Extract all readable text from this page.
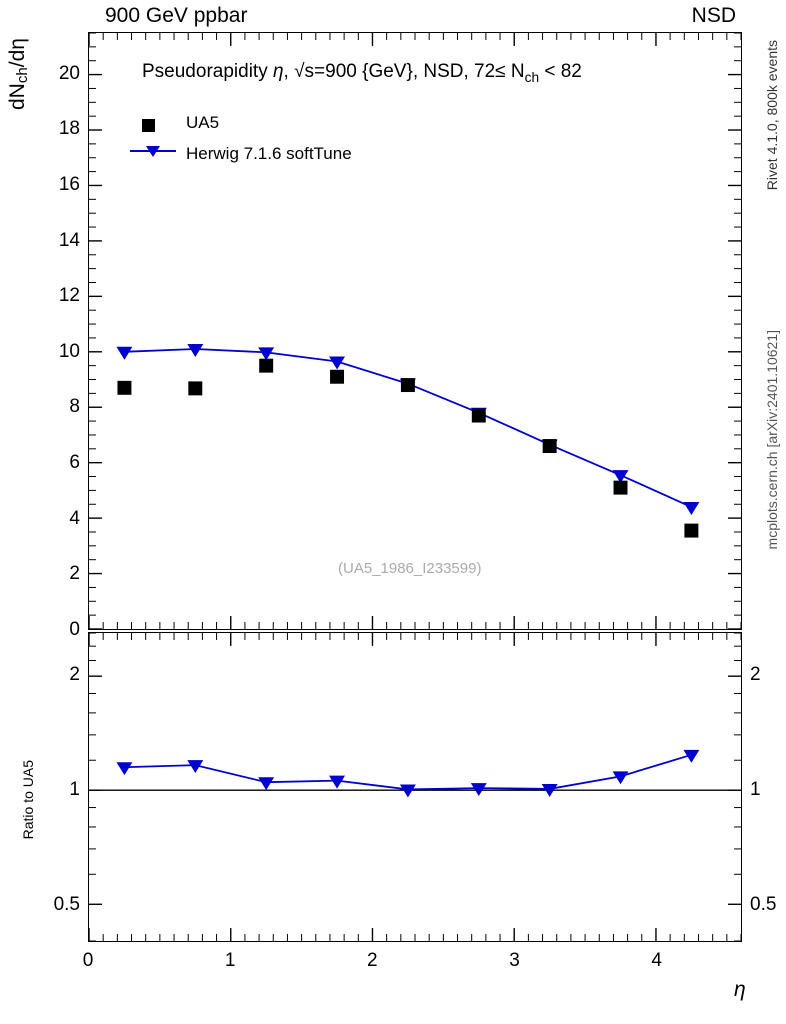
900 GeV ppbar	NSD
Rivet 4.1.0, 800k events
mcplots.cern.ch [arXiv:2401.10621]
$dN_{ch}/d\eta$
Ratio to UA5
0
2
4
6
8
10
12
14
16
18
20
UA5
Herwig 7.1.6 softTune
Pseudorapidity η, √s=900 {GeV}, NSD, $72\le N_{ch} < 82$
(UA5_1986_I233599)
0.5
1
2
0.5
1
2
0	1	2	3	4
η
